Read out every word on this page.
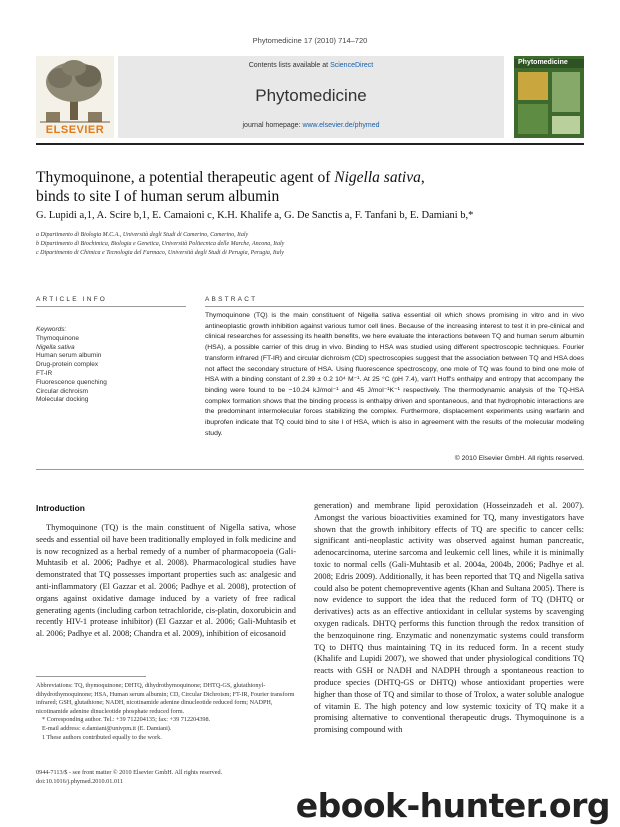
Phytomedicine 17 (2010) 714–720
ELSEVIER
Contents lists available at ScienceDirect
Phytomedicine
journal homepage: www.elsevier.de/phymed
Phytomedicine
Thymoquinone, a potential therapeutic agent of Nigella sativa,
binds to site I of human serum albumin
G. Lupidi a,1, A. Scire b,1, E. Camaioni c, K.H. Khalife a, G. De Sanctis a, F. Tanfani b, E. Damiani b,*
a Dipartimento di Biologia M.C.A., Università degli Studi di Camerino, Camerino, Italy
b Dipartimento di Biochimica, Biologia e Genetica, Università Politecnica delle Marche, Ancona, Italy
c Dipartimento di Chimica e Tecnologia del Farmaco, Università degli Studi di Perugia, Perugia, Italy
ARTICLE INFO	ABSTRACT
Keywords:
Thymoquinone
Nigella sativa
Human serum albumin
Drug-protein complex
FT-IR
Fluorescence quenching
Circular dichroism
Molecular docking
Thymoquinone (TQ) is the main constituent of Nigella sativa essential oil which shows promising in vitro and in vivo antineoplastic growth inhibition against various tumor cell lines. Because of the increasing interest to test it in pre-clinical and clinical researches for assessing its health benefits, we here evaluate the interactions between TQ and human serum albumin (HSA), a possible carrier of this drug in vivo. Binding to HSA was studied using different spectroscopic techniques. Fourier transform infrared (FT-IR) and circular dichroism (CD) spectroscopies suggest that the association between TQ and HSA does not affect the secondary structure of HSA. Using fluorescence spectroscopy, one mole of TQ was found to bind one mole of HSA with a binding constant of 2.39 ± 0.2 10⁴ M⁻¹. At 25 °C (pH 7.4), van't Hoff's enthalpy and entropy that accompany the binding were found to be −10.24 kJ/mol⁻¹ and 45 J/mol⁻¹K⁻¹ respectively. The thermodynamic analysis of the TQ-HSA complex formation shows that the binding process is enthalpy driven and spontaneous, and that hydrophobic interactions are the predominant intermolecular forces stabilizing the complex. Furthermore, displacement experiments using warfarin and ibuprofen indicate that TQ could bind to site I of HSA, which is also in agreement with the results of the molecular modeling study.
© 2010 Elsevier GmbH. All rights reserved.
Introduction
Thymoquinone (TQ) is the main constituent of Nigella sativa, whose seeds and essential oil have been traditionally employed in folk medicine and is now recognized as a herbal remedy of a number of pharmacopoeia (Gali-Muhtasib et al. 2006; Padhye et al. 2008). Pharmacological studies have demonstrated that TQ possesses important properties such as: analgesic and anti-inflammatory (El Gazzar et al. 2006; Padhye et al. 2008), protection of organs against oxidative damage induced by a variety of free radical generating agents (including carbon tetrachloride, cis-platin, doxorubicin and recently HIV-1 protease inhibitor) (El Gazzar et al. 2006; Gali-Muhtasib et al. 2006; Padhye et al. 2008; Chandra et al. 2009), inhibition of eicosanoid
generation) and membrane lipid peroxidation (Hosseinzadeh et al. 2007). Amongst the various bioactivities examined for TQ, many investigators have shown that the growth inhibitory effects of TQ are specific to cancer cells: significant anti-neoplastic activity was observed against human pancreatic, adenocarcinoma, uterine sarcoma and leukemic cell lines, while it is minimally toxic to normal cells (Gali-Muhtasib et al. 2004a, 2004b, 2006; Padhye et al. 2008; Edris 2009). Additionally, it has been reported that TQ and Nigella sativa could also be potent chemopreventive agents (Khan and Sultana 2005). There is now evidence to support the idea that the reduced form of TQ (DHTQ or derivatives) acts as an effective antioxidant in cellular systems by scavenging oxygen radicals. DHTQ performs this function through the redox transition of the benzoquinone ring. Enzymatic and nonenzymatic systems could transform TQ to DHTQ thus maintaining TQ in its reduced form. In a recent study (Khalife and Lupidi 2007), we showed that under physiological conditions TQ reacts with GSH or NADH and NADPH through a spontaneous reaction to produce species (DHTQ-GS or DHTQ) whose antioxidant properties were higher than those of TQ and similar to those of Trolox, a water soluble analogue of vitamin E. The high potency and low systemic toxicity of TQ make it a promising alternative to conventional therapeutic drugs. Thymoquinone is a promising compound with
Abbreviations: TQ, thymoquinone; DHTQ, dihydrothymoquinone; DHTQ-GS, glutathionyl-dihydrothymoquinone; HSA, Human serum albumin; CD, Circular Dichroism; FT-IR, Fourier transform infrared; GSH, glutathione; NADH, nicotinamide adenine dinucleotide reduced form; NADPH, nicotinamide adenine dinucleotide phosphate reduced form.
* Corresponding author. Tel.: +39 712204135; fax: +39 712204398.
E-mail address: e.damiani@univpm.it (E. Damiani).
1 These authors contributed equally to the work.
0944-7113/$ - see front matter © 2010 Elsevier GmbH. All rights reserved.
doi:10.1016/j.phymed.2010.01.011
ebook-hunter.org
